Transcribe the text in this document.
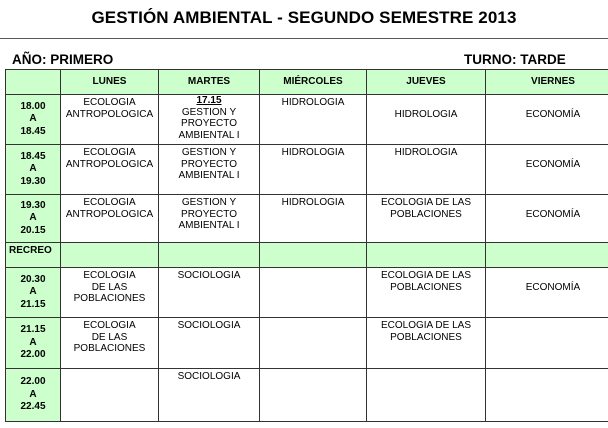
GESTIÓN AMBIENTAL - SEGUNDO SEMESTRE 2013
AÑO: PRIMERO	TURNO: TARDE
	LUNES	MARTES	MIÉRCOLES	JUEVES	VIERNES

18.00
A
18.45	ECOLOGIA
ANTROPOLOGICA	17.15
GESTION Y
PROYECTO
AMBIENTAL I	HIDROLOGIA	HIDROLOGIA	ECONOMÍA

18.45
A
19.30	ECOLOGIA
ANTROPOLOGICA	GESTION Y
PROYECTO
AMBIENTAL I	HIDROLOGIA	HIDROLOGIA	ECONOMÍA

19.30
A
20.15	ECOLOGIA
ANTROPOLOGICA	GESTION Y
PROYECTO
AMBIENTAL I	HIDROLOGIA	ECOLOGIA DE LAS
POBLACIONES	ECONOMÍA

RECREO					

20.30
A
21.15	ECOLOGIA
DE LAS
POBLACIONES	SOCIOLOGIA		ECOLOGIA DE LAS
POBLACIONES	ECONOMÍA

21.15
A
22.00	ECOLOGIA
DE LAS
POBLACIONES	SOCIOLOGIA		ECOLOGIA DE LAS
POBLACIONES	

22.00
A
22.45		SOCIOLOGIA			
